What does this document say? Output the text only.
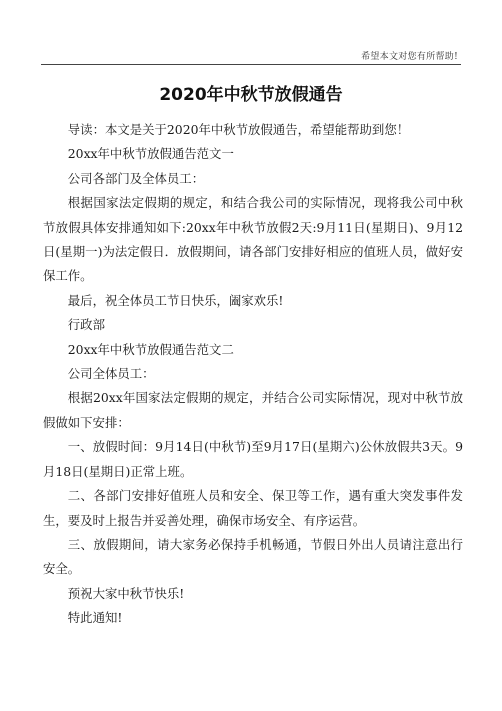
希望本文对您有所帮助!
2020年中秋节放假通告

导读：本文是关于2020年中秋节放假通告，希望能帮助到您！

20xx年中秋节放假通告范文一

公司各部门及全体员工：

根据国家法定假期的规定，和结合我公司的实际情况，现将我公司中秋节放假具体安排通知如下:20xx年中秋节放假2天:9月11日(星期日)、9月12日(星期一)为法定假日．放假期间，请各部门安排好相应的值班人员，做好安保工作。

最后，祝全体员工节日快乐，阖家欢乐!

行政部

20xx年中秋节放假通告范文二

公司全体员工：

根据20xx年国家法定假期的规定，并结合公司实际情况，现对中秋节放假做如下安排：

一、放假时间：9月14日(中秋节)至9月17日(星期六)公休放假共3天。9月18日(星期日)正常上班。

二、各部门安排好值班人员和安全、保卫等工作，遇有重大突发事件发生，要及时上报告并妥善处理，确保市场安全、有序运营。

三、放假期间，请大家务必保持手机畅通，节假日外出人员请注意出行安全。

预祝大家中秋节快乐!

特此通知!
